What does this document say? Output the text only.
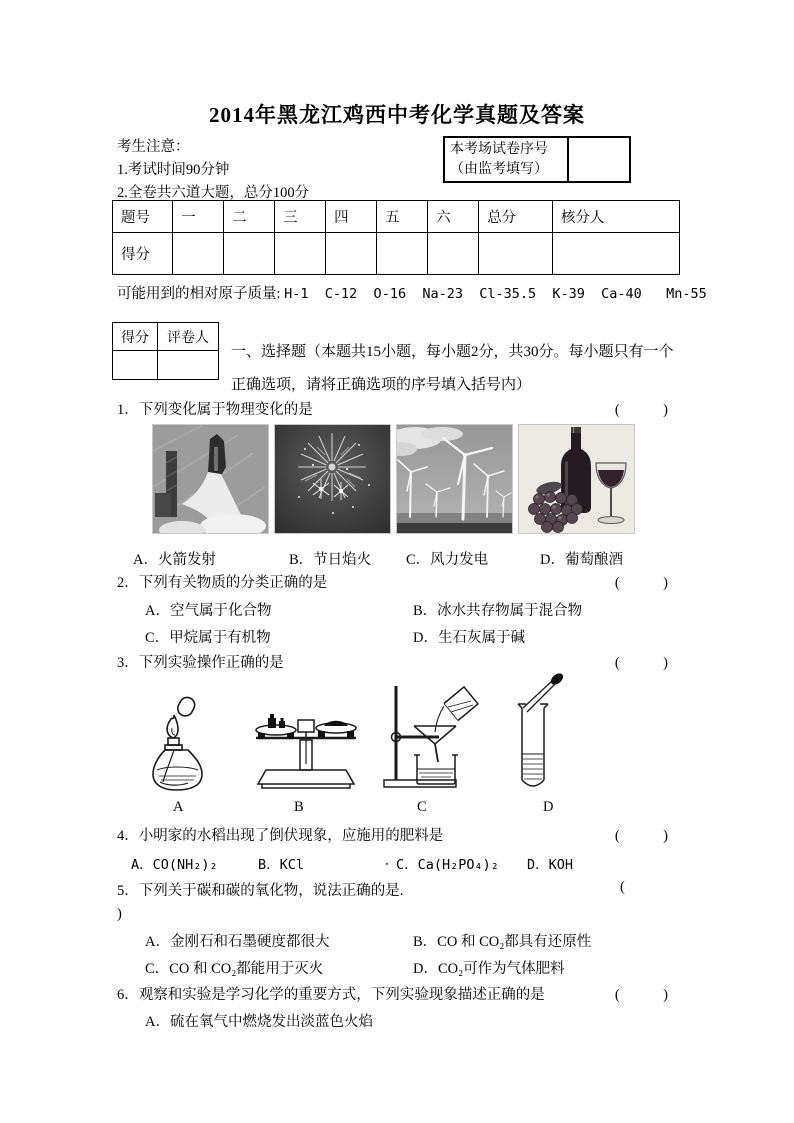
2014年黑龙江鸡西中考化学真题及答案
考生注意：
1.考试时间90分钟
2.全卷共六道大题，总分100分
本考场试卷序号
（由监考填写）
题号	一	二	三	四	五	六	总分	核分人
得分								
可能用到的相对原子质量: H-1  C-12  O-16  Na-23  Cl-35.5  K-39  Ca-40   Mn-55
得分	评卷人

一、选择题（本题共15小题，每小题2分，共30分。每小题只有一个
正确选项，请将正确选项的序号填入括号内）
1．下列变化属于物理变化的是	(　　　)
A．火箭发射	B．节日焰火 C．风力发电	D．葡萄酿酒
2．下列有关物质的分类正确的是	(　　　)
A．空气属于化合物	B．冰水共存物属于混合物
C．甲烷属于有机物	D．生石灰属于碱
3．下列实验操作正确的是	(　　　)
A	B	C	D
4．小明家的水稻出现了倒伏现象，应施用的肥料是	(　　　)
A．CO(NH₂)₂	B．KCl	. C．Ca(H₂PO₄)₂ D．KOH
5．下列关于碳和碳的氧化物，说法正确的是.	(
)
A．金刚石和石墨硬度都很大	B．CO 和 CO₂都具有还原性
C．CO 和 CO₂都能用于灭火	D．CO₂可作为气体肥料
6．观察和实验是学习化学的重要方式，下列实验现象描述正确的是	(　　　)
A．硫在氧气中燃烧发出淡蓝色火焰
